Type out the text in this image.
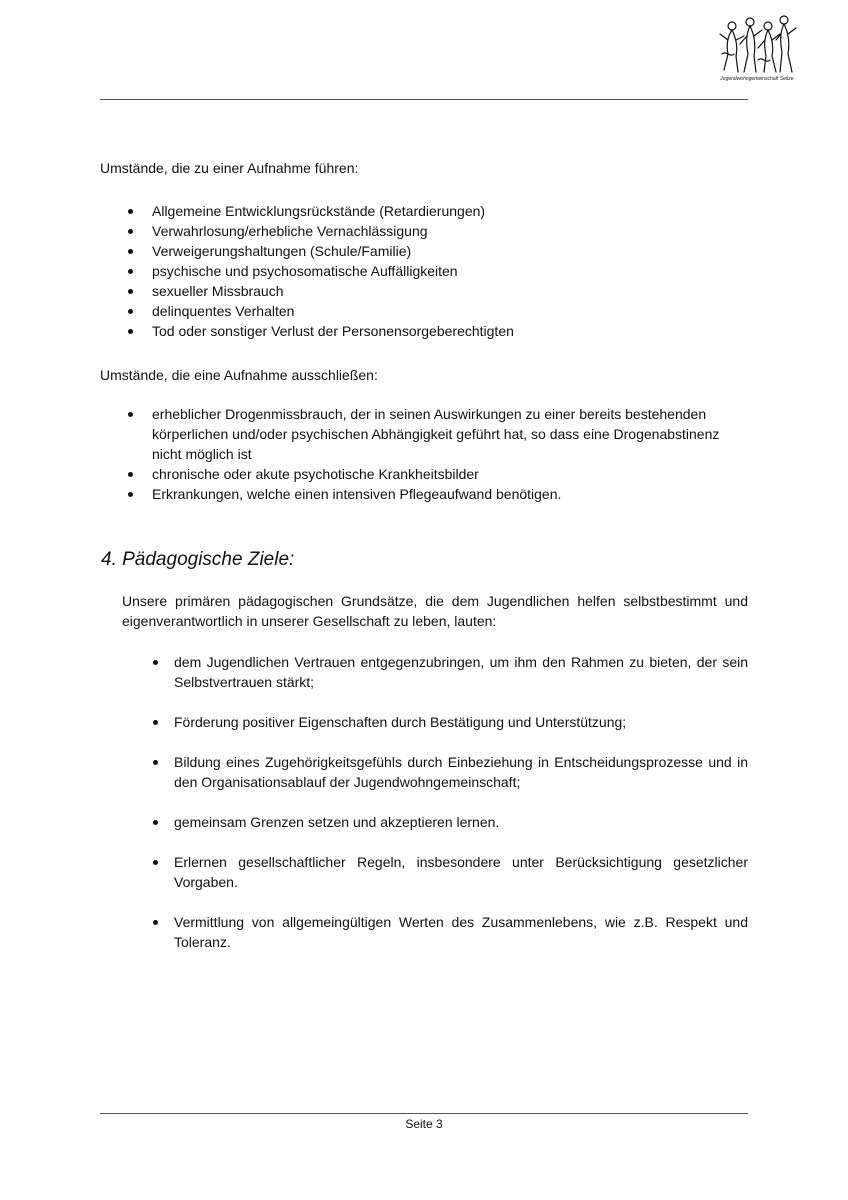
Jugendwohngemeinschaft Seitze

Umstände, die zu einer Aufnahme führen:

Allgemeine Entwicklungsrückstände (Retardierungen)
Verwahrlosung/erhebliche Vernachlässigung
Verweigerungshaltungen (Schule/Familie)
psychische und psychosomatische Auffälligkeiten
sexueller Missbrauch
delinquentes Verhalten
Tod oder sonstiger Verlust der Personensorgeberechtigten

Umstände, die eine Aufnahme ausschließen:

erheblicher Drogenmissbrauch, der in seinen Auswirkungen zu einer bereits bestehenden körperlichen und/oder psychischen Abhängigkeit geführt hat, so dass eine Drogenabstinenz nicht möglich ist
chronische oder akute psychotische Krankheitsbilder
Erkrankungen, welche einen intensiven Pflegeaufwand benötigen.
4. Pädagogische Ziele:

Unsere primären pädagogischen Grundsätze, die dem Jugendlichen helfen selbstbestimmt und eigenverantwortlich in unserer Gesellschaft zu leben, lauten:

dem Jugendlichen Vertrauen entgegenzubringen, um ihm den Rahmen zu bieten, der sein Selbstvertrauen stärkt;
Förderung positiver Eigenschaften durch Bestätigung und Unterstützung;
Bildung eines Zugehörigkeitsgefühls durch Einbeziehung in Entscheidungsprozesse und in den Organisationsablauf der Jugendwohngemeinschaft;
gemeinsam Grenzen setzen und akzeptieren lernen.
Erlernen gesellschaftlicher Regeln, insbesondere unter Berücksichtigung gesetzlicher Vorgaben.
Vermittlung von allgemeingültigen Werten des Zusammenlebens, wie z.B. Respekt und Toleranz.
Seite 3
